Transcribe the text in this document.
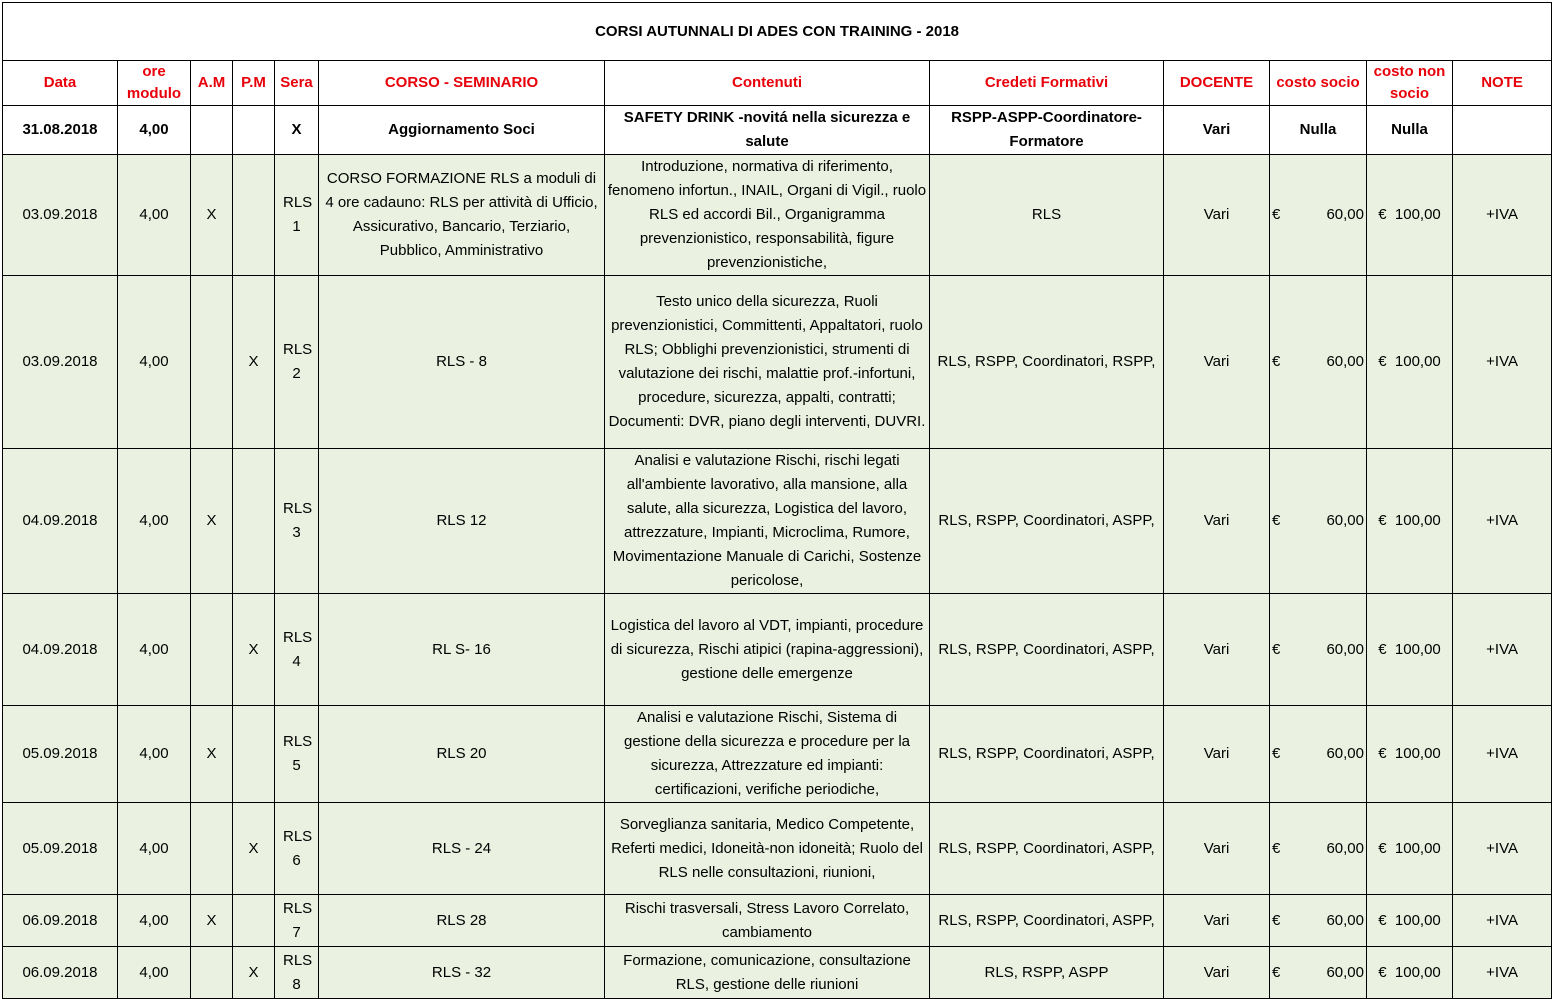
CORSI AUTUNNALI DI ADES CON TRAINING - 2018											
Data	ore modulo	A.M	P.M	Sera	CORSO - SEMINARIO	Contenuti	Credeti Formativi	DOCENTE	costo socio	costo non socio	NOTE
31.08.2018	4,00			X	Aggiornamento Soci	SAFETY DRINK -novitá nella sicurezza e salute	RSPP-ASPP-Coordinatore-Formatore	Vari	Nulla	Nulla	
03.09.2018	4,00	X		RLS 1	CORSO FORMAZIONE RLS a moduli di 4 ore cadauno: RLS per attività di Ufficio, Assicurativo, Bancario, Terziario, Pubblico, Amministrativo	Introduzione, normativa di riferimento, fenomeno infortun., INAIL, Organi di Vigil., ruolo RLS ed accordi Bil., Organigramma prevenzionistico, responsabilità, figure prevenzionistiche,	RLS	Vari	€ 60,00	€  100,00	+IVA
03.09.2018	4,00		X	RLS 2	RLS - 8	Testo unico della sicurezza, Ruoli prevenzionistici, Committenti, Appaltatori, ruolo RLS; Obblighi prevenzionistici, strumenti di valutazione dei rischi, malattie prof.-infortuni, procedure, sicurezza, appalti, contratti; Documenti: DVR, piano degli interventi, DUVRI.	RLS, RSPP, Coordinatori, RSPP,	Vari	€ 60,00	€  100,00	+IVA
04.09.2018	4,00	X		RLS 3	RLS 12	Analisi e valutazione Rischi, rischi legati all'ambiente lavorativo, alla mansione, alla salute, alla sicurezza, Logistica del lavoro, attrezzature, Impianti, Microclima, Rumore, Movimentazione Manuale di Carichi, Sostenze pericolose,	RLS, RSPP, Coordinatori, ASPP,	Vari	€ 60,00	€  100,00	+IVA
04.09.2018	4,00		X	RLS 4	RL S- 16	Logistica del lavoro al VDT, impianti, procedure di sicurezza, Rischi atipici (rapina-aggressioni), gestione delle emergenze	RLS, RSPP, Coordinatori, ASPP,	Vari	€ 60,00	€  100,00	+IVA
05.09.2018	4,00	X		RLS 5	RLS 20	Analisi e valutazione Rischi, Sistema di gestione della sicurezza e procedure per la sicurezza, Attrezzature ed impianti: certificazioni, verifiche periodiche,	RLS, RSPP, Coordinatori, ASPP,	Vari	€ 60,00	€  100,00	+IVA
05.09.2018	4,00		X	RLS 6	RLS - 24	Sorveglianza sanitaria, Medico Competente, Referti medici, Idoneità-non idoneità; Ruolo del RLS nelle consultazioni, riunioni,	RLS, RSPP, Coordinatori, ASPP,	Vari	€ 60,00	€  100,00	+IVA
06.09.2018	4,00	X		RLS 7	RLS 28	Rischi trasversali, Stress Lavoro Correlato, cambiamento	RLS, RSPP, Coordinatori, ASPP,	Vari	€ 60,00	€  100,00	+IVA
06.09.2018	4,00		X	RLS 8	RLS - 32	Formazione, comunicazione, consultazione RLS, gestione delle riunioni	RLS, RSPP, ASPP	Vari	€ 60,00	€  100,00	+IVA
